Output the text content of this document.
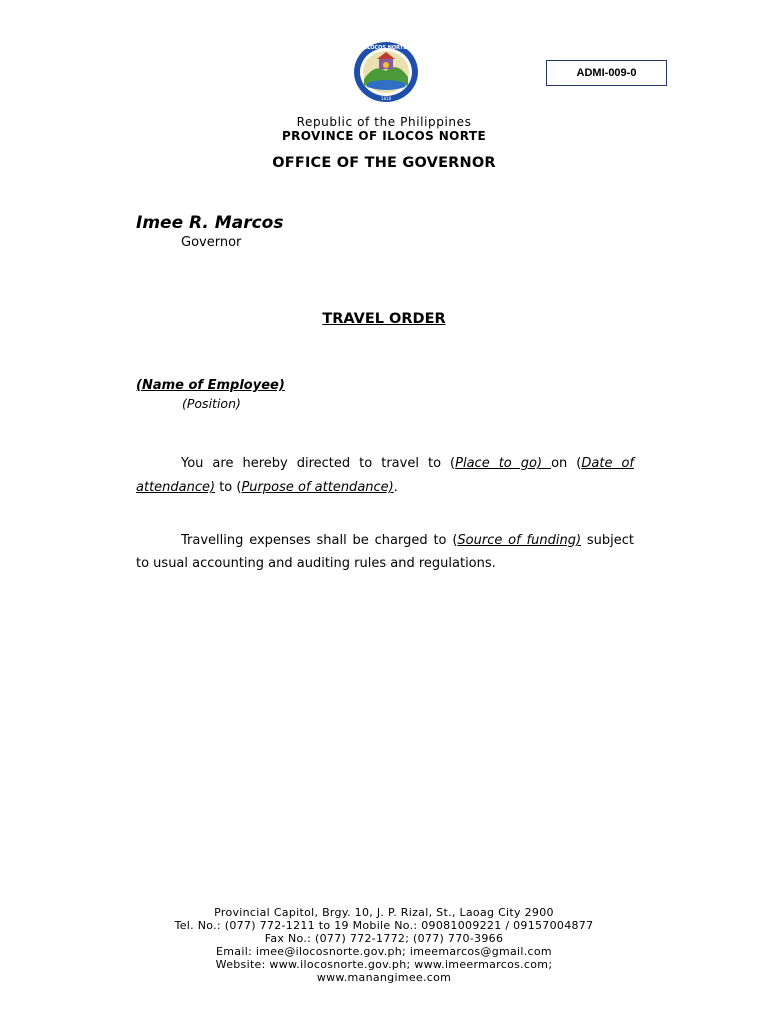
ILOCOS NORTE
1818
ADMI-009-0
Republic of the Philippines
PROVINCE OF ILOCOS NORTE
OFFICE OF THE GOVERNOR
Imee R. Marcos
Governor
TRAVEL ORDER
(Name of Employee)
(Position)
You are hereby directed to travel to (Place to go) on (Date of attendance) to (Purpose of attendance).
Travelling expenses shall be charged to (Source of funding) subject to usual accounting and auditing rules and regulations.
Provincial Capitol, Brgy. 10, J. P. Rizal, St., Laoag City 2900
Tel. No.: (077) 772-1211 to 19 Mobile No.: 09081009221 / 09157004877
Fax No.: (077) 772-1772; (077) 770-3966
Email: imee@ilocosnorte.gov.ph; imeemarcos@gmail.com
Website: www.ilocosnorte.gov.ph; www.imeermarcos.com;
www.manangimee.com
